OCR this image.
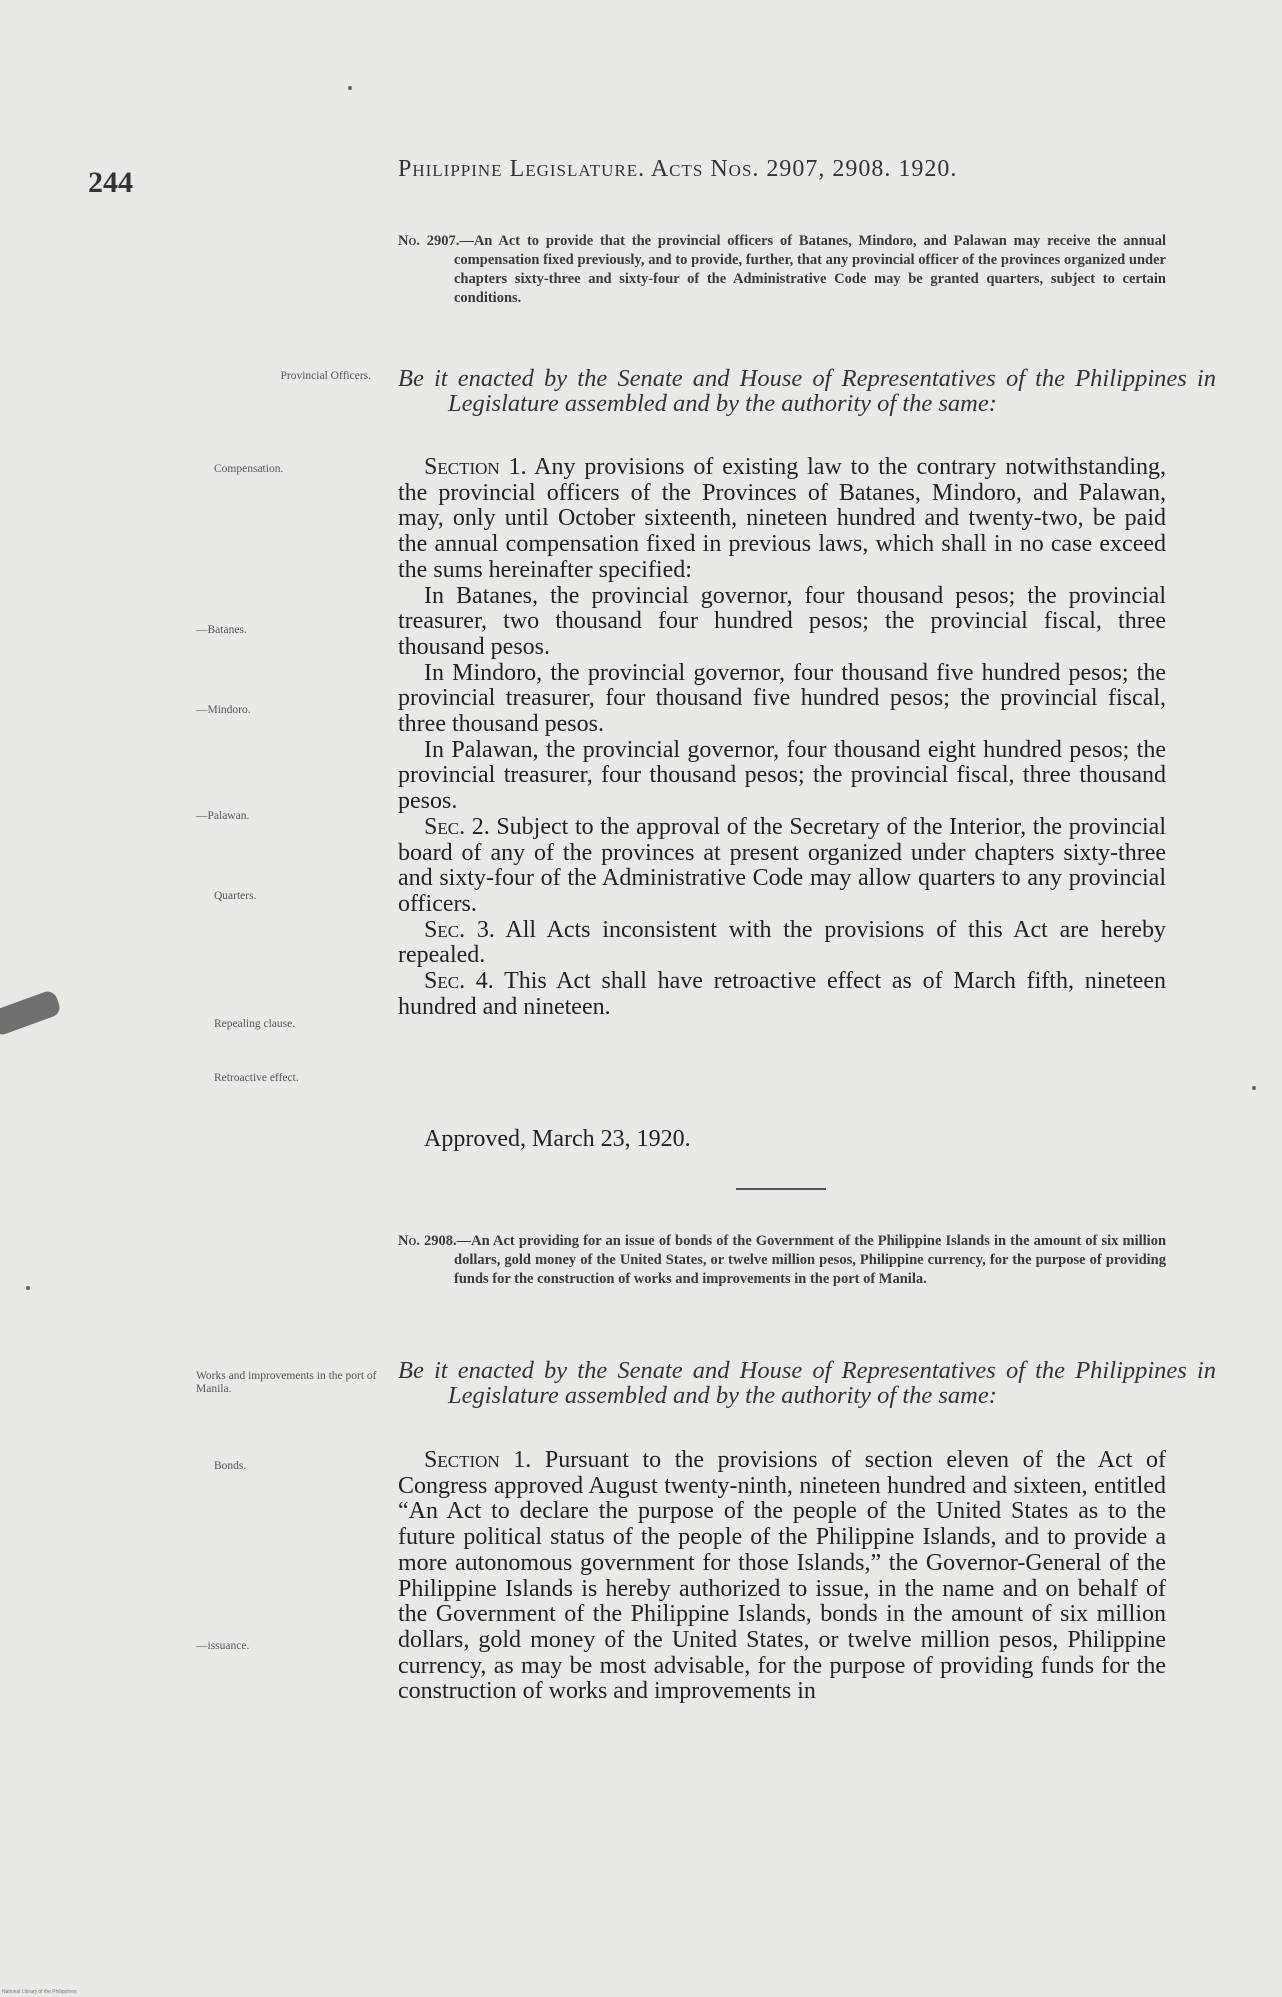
244	Philippine Legislature. Acts Nos. 2907, 2908. 1920.
No. 2907.—An Act to provide that the provincial officers of Batanes, Mindoro, and Palawan may receive the annual compensation fixed previously, and to provide, further, that any provincial officer of the provinces organized under chapters sixty-three and sixty-four of the Administrative Code may be granted quarters, subject to certain conditions.
Be it enacted by the Senate and House of Representatives of the Philippines in Legislature assembled and by the authority of the same:

Section 1. Any provisions of existing law to the contrary notwithstanding, the provincial officers of the Provinces of Batanes, Mindoro, and Palawan, may, only until October sixteenth, nineteen hundred and twenty-two, be paid the annual compensation fixed in previous laws, which shall in no case exceed the sums hereinafter specified:

In Batanes, the provincial governor, four thousand pesos; the provincial treasurer, two thousand four hundred pesos; the provincial fiscal, three thousand pesos.

In Mindoro, the provincial governor, four thousand five hundred pesos; the provincial treasurer, four thousand five hundred pesos; the provincial fiscal, three thousand pesos.

In Palawan, the provincial governor, four thousand eight hundred pesos; the provincial treasurer, four thousand pesos; the provincial fiscal, three thousand pesos.

Sec. 2. Subject to the approval of the Secretary of the Interior, the provincial board of any of the provinces at present organized under chapters sixty-three and sixty-four of the Administrative Code may allow quarters to any provincial officers.

Sec. 3. All Acts inconsistent with the provisions of this Act are hereby repealed.

Sec. 4. This Act shall have retroactive effect as of March fifth, nineteen hundred and nineteen.

Approved, March 23, 1920.
No. 2908.—An Act providing for an issue of bonds of the Government of the Philippine Islands in the amount of six million dollars, gold money of the United States, or twelve million pesos, Philippine currency, for the purpose of providing funds for the construction of works and improvements in the port of Manila.
Be it enacted by the Senate and House of Representatives of the Philippines in Legislature assembled and by the authority of the same:

Section 1. Pursuant to the provisions of section eleven of the Act of Congress approved August twenty-ninth, nineteen hundred and sixteen, entitled “An Act to declare the purpose of the people of the United States as to the future political status of the people of the Philippine Islands, and to provide a more autonomous government for those Islands,” the Governor-General of the Philippine Islands is hereby authorized to issue, in the name and on behalf of the Government of the Philippine Islands, bonds in the amount of six million dollars, gold money of the United States, or twelve million pesos, Philippine currency, as may be most advisable, for the purpose of providing funds for the construction of works and improvements in

Provincial Officers.
Compensation.
—Batanes.
—Mindoro.
—Palawan.
Quarters.
Repealing clause.
Retroactive effect.
Works and improvements in the port of Manila.
Bonds.
—issuance.
National Library of the Philippines
